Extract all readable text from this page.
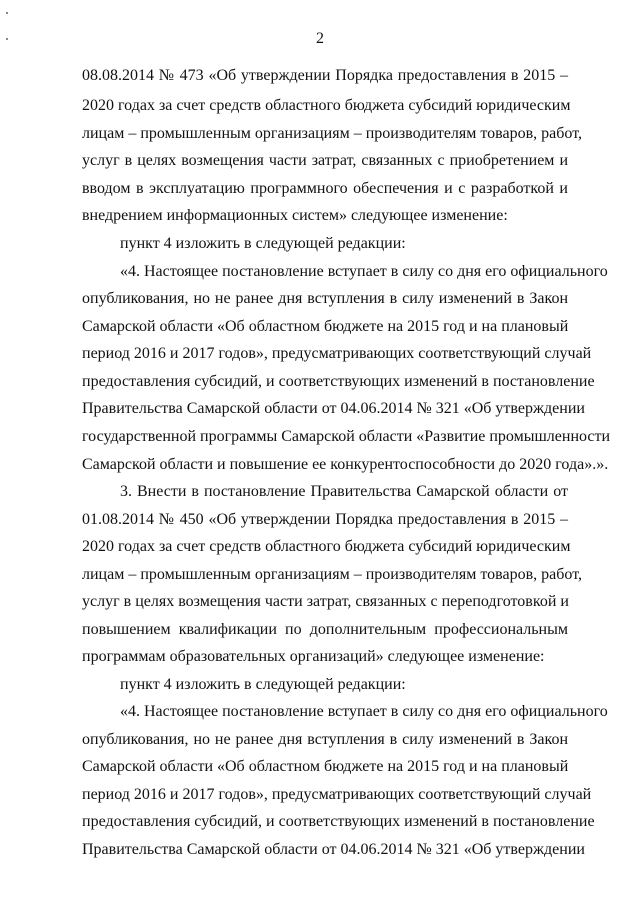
2
08.08.2014 № 473 «Об утверждении Порядка предоставления в 2015 –
2020 годах за счет средств областного бюджета субсидий юридическим
лицам – промышленным организациям – производителям товаров, работ,
услуг в целях возмещения части затрат, связанных с приобретением и
вводом в эксплуатацию программного обеспечения и с разработкой и
внедрением информационных систем» следующее изменение:
пункт 4 изложить в следующей редакции:
«4. Настоящее постановление вступает в силу со дня его официального
опубликования, но не ранее дня вступления в силу изменений в Закон
Самарской области «Об областном бюджете на 2015 год и на плановый
период 2016 и 2017 годов», предусматривающих соответствующий случай
предоставления субсидий, и соответствующих изменений в постановление
Правительства Самарской области от 04.06.2014 № 321 «Об утверждении
государственной программы Самарской области «Развитие промышленности
Самарской области и повышение ее конкурентоспособности до 2020 года».».
3. Внести в постановление Правительства Самарской области от
01.08.2014 № 450 «Об утверждении Порядка предоставления в 2015 –
2020 годах за счет средств областного бюджета субсидий юридическим
лицам – промышленным организациям – производителям товаров, работ,
услуг в целях возмещения части затрат, связанных с переподготовкой и
повышением квалификации по дополнительным профессиональным
программам образовательных организаций» следующее изменение:
пункт 4 изложить в следующей редакции:
«4. Настоящее постановление вступает в силу со дня его официального
опубликования, но не ранее дня вступления в силу изменений в Закон
Самарской области «Об областном бюджете на 2015 год и на плановый
период 2016 и 2017 годов», предусматривающих соответствующий случай
предоставления субсидий, и соответствующих изменений в постановление
Правительства Самарской области от 04.06.2014 № 321 «Об утверждении
